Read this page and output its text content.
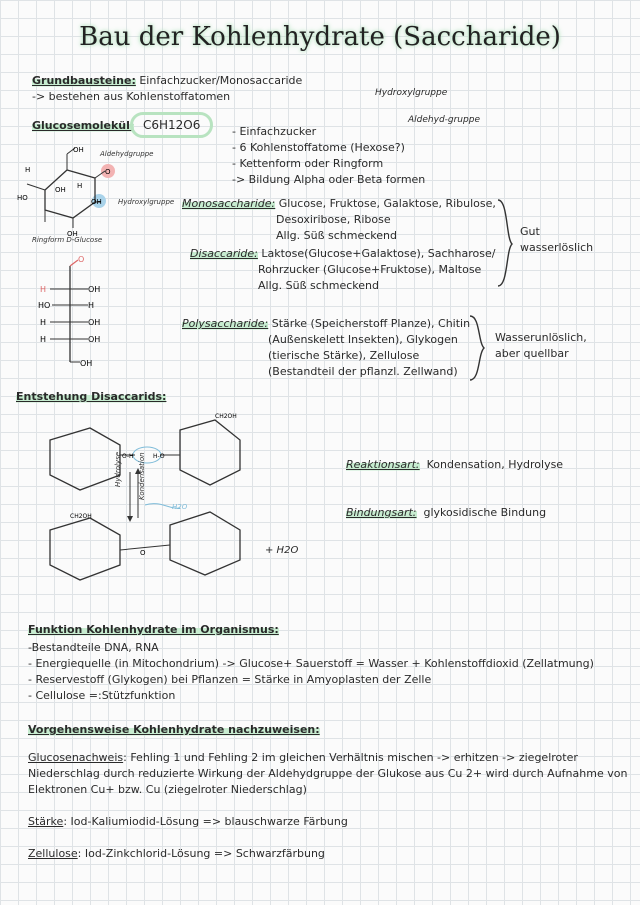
Bau der Kohlenhydrate (Saccharide)
Grundbausteine: Einfachzucker/Monosaccaride
-> bestehen aus Kohlenstoffatomen	Hydroxylgruppe
Aldehyd-gruppe
Glucosemolekül: C6H12O6	- Einfachzucker
- 6 Kohlenstoffatome (Hexose?)
- Kettenform oder Ringform
-> Bildung Alpha oder Beta formen
OH
O
HO
OH
OH
OH
H
H
Aldehydgruppe
Hydroxylgruppe
Ringform D-Glucose
O
H	OH
HO	H
H	OH
H	OH
OH
Monosaccharide: Glucose, Fruktose, Galaktose, Ribulose,
Desoxiribose, Ribose
Allg. Süß schmeckend
Disaccaride: Laktose(Glucose+Galaktose), Sachharose/
Rohrzucker (Glucose+Fruktose), Maltose
Allg. Süß schmeckend
Gut
wasserlöslich
Polysaccharide: Stärke (Speicherstoff Planze), Chitin
(Außenskelett Insekten), Glykogen
(tierische Stärke), Zellulose
(Bestandteil der pflanzl. Zellwand)
Wasserunlöslich,
aber quellbar
Entstehung Disaccarids:
O-H	H-O
O
CH2OH
CH2OH
Hydrolyse Kondensation
H2O
+ H2O
Reaktionsart: Kondensation, Hydrolyse
Bindungsart: glykosidische Bindung
Funktion Kohlenhydrate im Organismus:
-Bestandteile DNA, RNA
- Energiequelle (in Mitochondrium) -> Glucose+ Sauerstoff = Wasser + Kohlenstoffdioxid (Zellatmung)
- Reservestoff (Glykogen) bei Pflanzen = Stärke in Amyoplasten der Zelle
- Cellulose =:Stützfunktion
Vorgehensweise Kohlenhydrate nachzuweisen:
Glucosenachweis: Fehling 1 und Fehling 2 im gleichen Verhältnis mischen -> erhitzen -> ziegelroter
Niederschlag durch reduzierte Wirkung der Aldehydgruppe der Glukose aus Cu 2+ wird durch Aufnahme von
Elektronen Cu+ bzw. Cu (ziegelroter Niederschlag)
Stärke: Iod-Kaliumiodid-Lösung => blauschwarze Färbung
Zellulose: Iod-Zinkchlorid-Lösung => Schwarzfärbung
